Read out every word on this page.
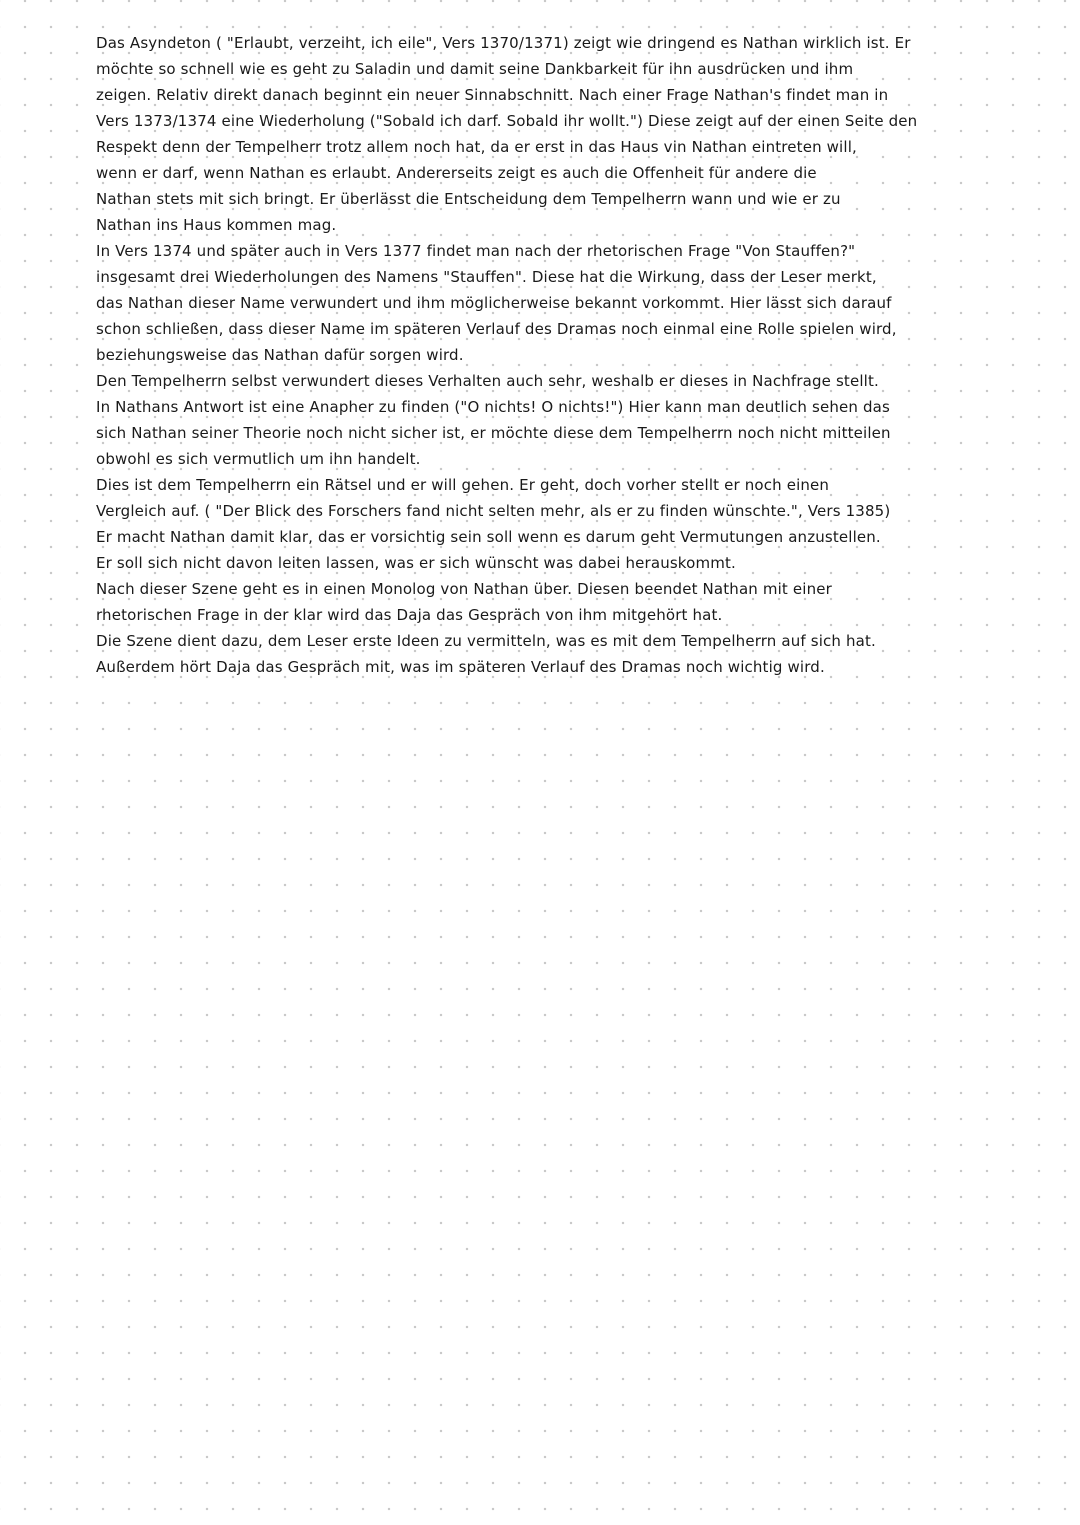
Das Asyndeton ( "Erlaubt, verzeiht, ich eile", Vers 1370/1371) zeigt wie dringend es Nathan wirklich ist. Er
möchte so schnell wie es geht zu Saladin und damit seine Dankbarkeit für ihn ausdrücken und ihm
zeigen. Relativ direkt danach beginnt ein neuer Sinnabschnitt. Nach einer Frage Nathan's findet man in
Vers 1373/1374 eine Wiederholung ("Sobald ich darf. Sobald ihr wollt.") Diese zeigt auf der einen Seite den
Respekt denn der Tempelherr trotz allem noch hat, da er erst in das Haus vin Nathan eintreten will,
wenn er darf, wenn Nathan es erlaubt. Andererseits zeigt es auch die Offenheit für andere die
Nathan stets mit sich bringt. Er überlässt die Entscheidung dem Tempelherrn wann und wie er zu
Nathan ins Haus kommen mag.
In Vers 1374 und später auch in Vers 1377 findet man nach der rhetorischen Frage "Von Stauffen?"
insgesamt drei Wiederholungen des Namens "Stauffen". Diese hat die Wirkung, dass der Leser merkt,
das Nathan dieser Name verwundert und ihm möglicherweise bekannt vorkommt. Hier lässt sich darauf
schon schließen, dass dieser Name im späteren Verlauf des Dramas noch einmal eine Rolle spielen wird,
beziehungsweise das Nathan dafür sorgen wird.
Den Tempelherrn selbst verwundert dieses Verhalten auch sehr, weshalb er dieses in Nachfrage stellt.
In Nathans Antwort ist eine Anapher zu finden ("O nichts! O nichts!") Hier kann man deutlich sehen das
sich Nathan seiner Theorie noch nicht sicher ist, er möchte diese dem Tempelherrn noch nicht mitteilen
obwohl es sich vermutlich um ihn handelt.
Dies ist dem Tempelherrn ein Rätsel und er will gehen. Er geht, doch vorher stellt er noch einen
Vergleich auf. ( "Der Blick des Forschers fand nicht selten mehr, als er zu finden wünschte.", Vers 1385)
Er macht Nathan damit klar, das er vorsichtig sein soll wenn es darum geht Vermutungen anzustellen.
Er soll sich nicht davon leiten lassen, was er sich wünscht was dabei herauskommt.
Nach dieser Szene geht es in einen Monolog von Nathan über. Diesen beendet Nathan mit einer
rhetorischen Frage in der klar wird das Daja das Gespräch von ihm mitgehört hat.
Die Szene dient dazu, dem Leser erste Ideen zu vermitteln, was es mit dem Tempelherrn auf sich hat.
Außerdem hört Daja das Gespräch mit, was im späteren Verlauf des Dramas noch wichtig wird.
